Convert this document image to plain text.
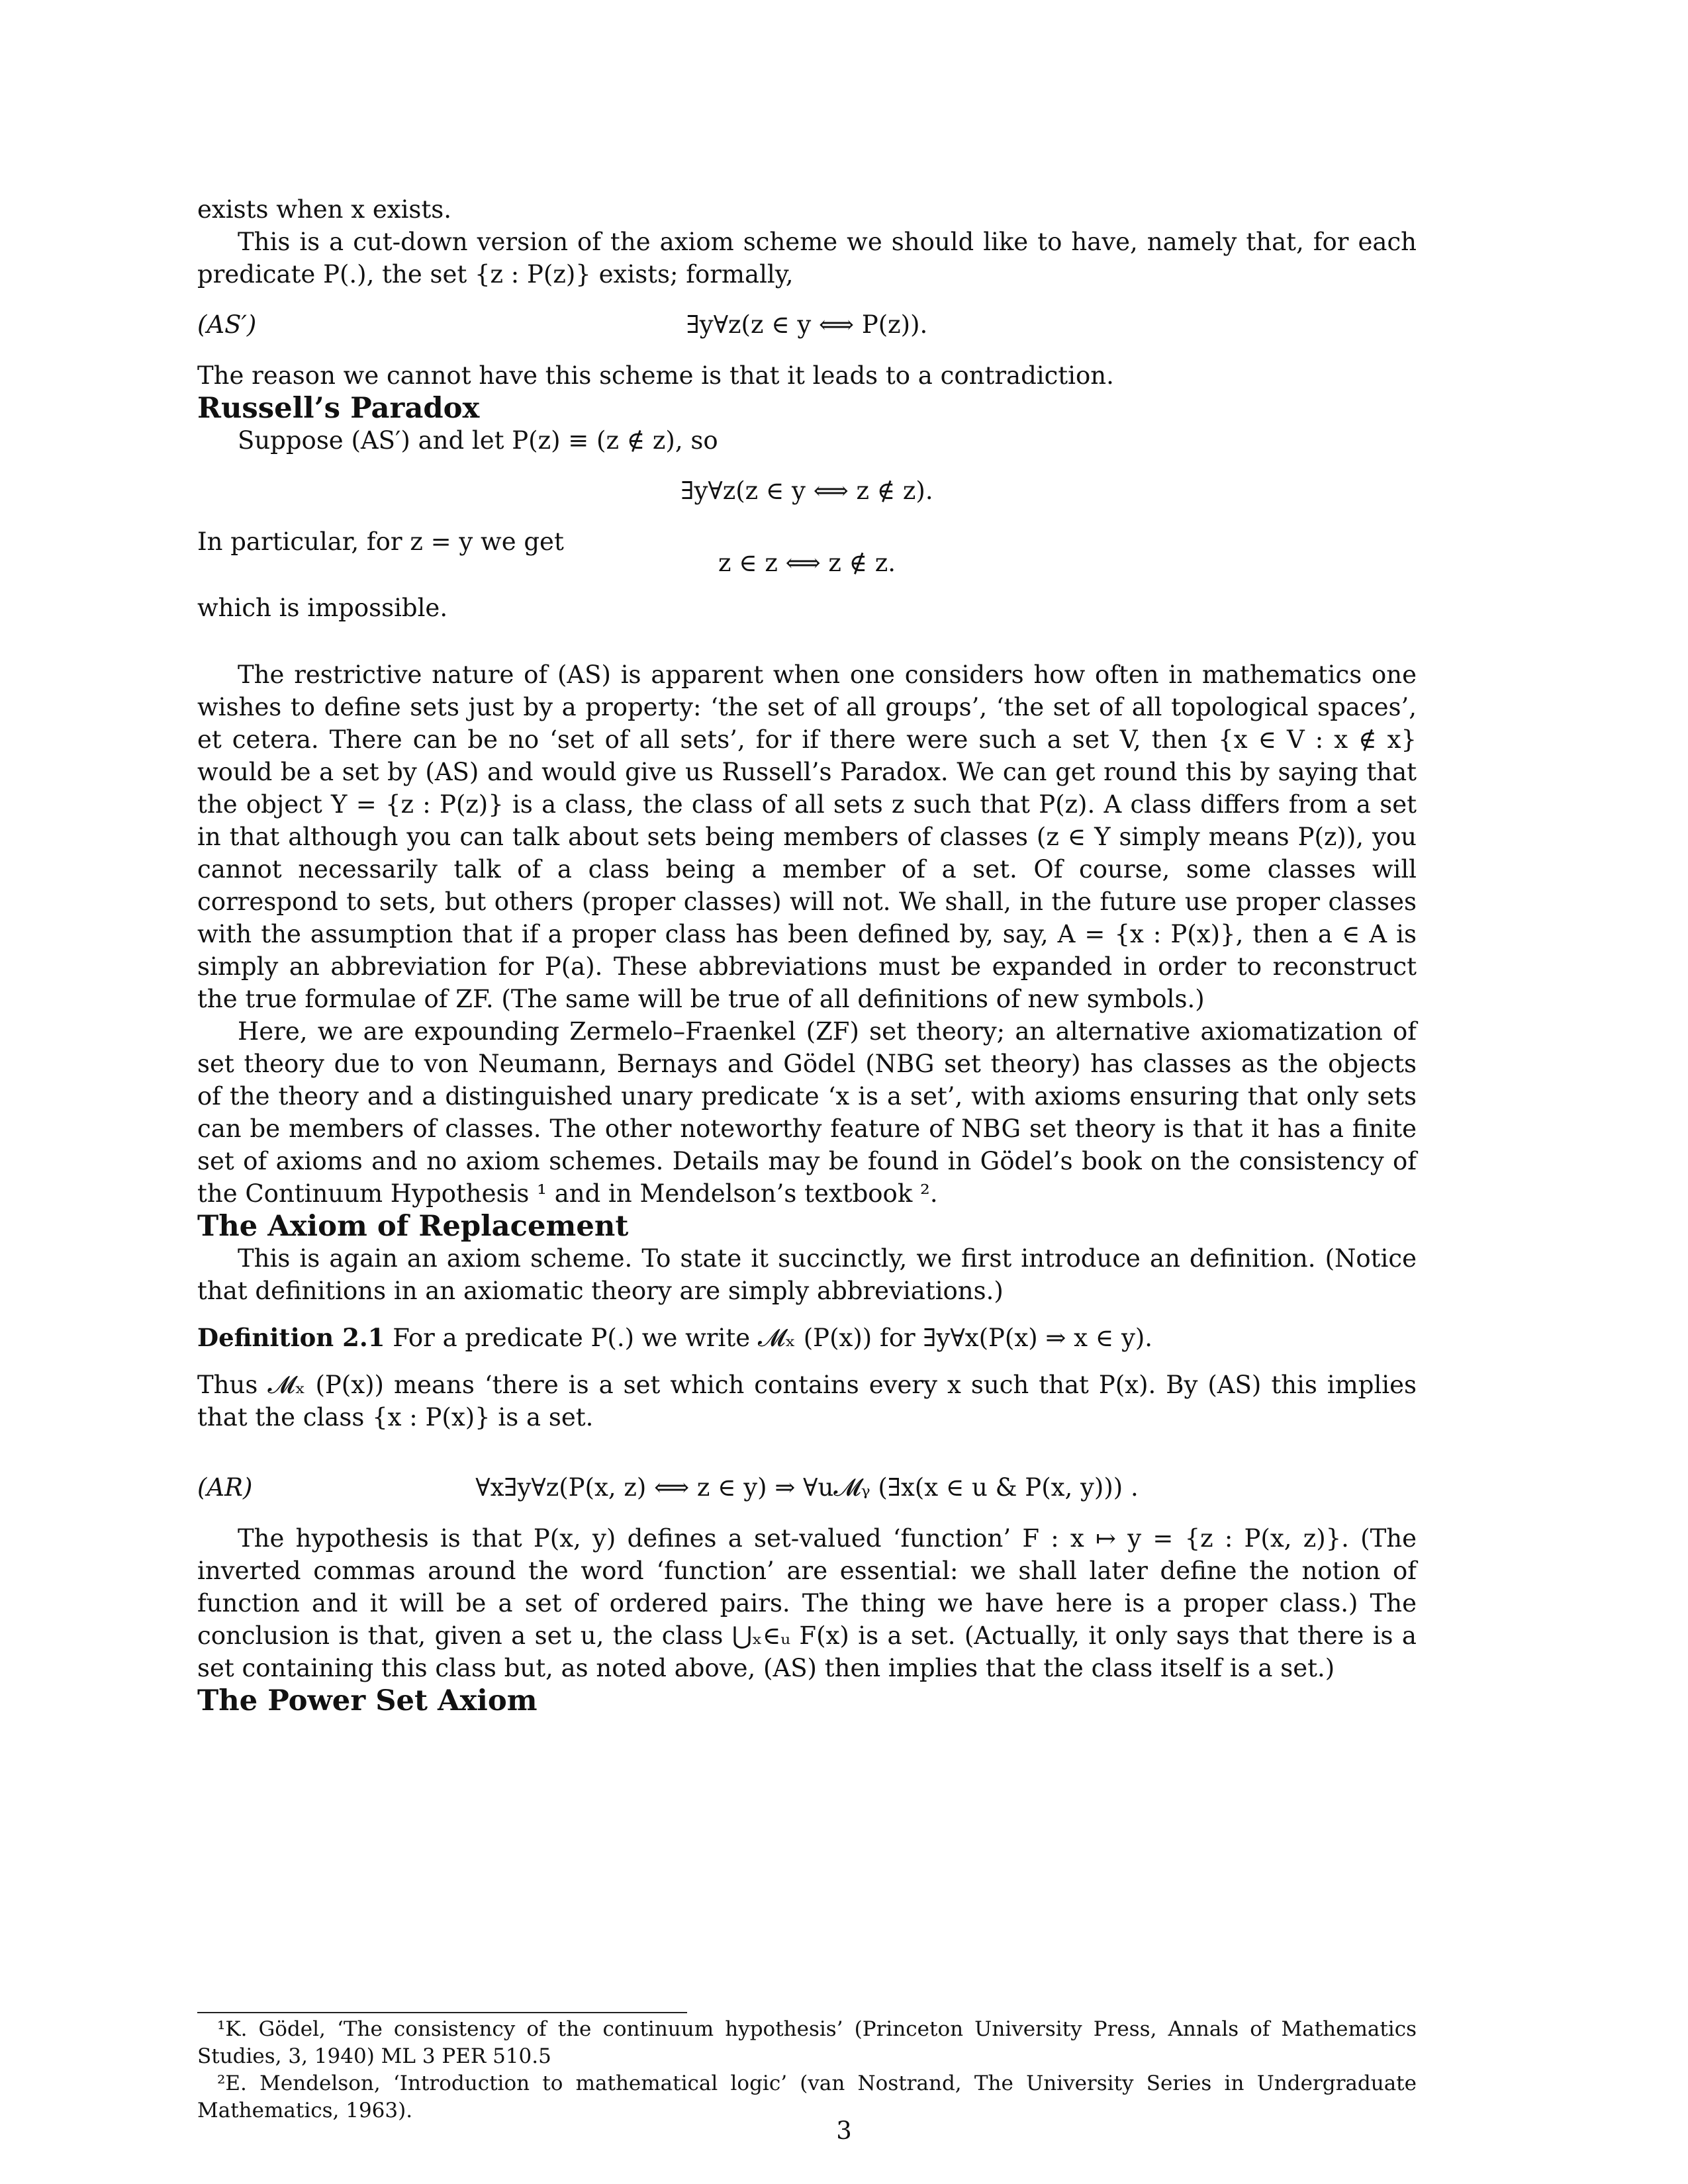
exists when x exists.

This is a cut-down version of the axiom scheme we should like to have, namely that, for each predicate P(.), the set {z : P(z)} exists; formally,

(AS′)	∃y∀z(z ∈ y ⟺ P(z)).

The reason we cannot have this scheme is that it leads to a contradiction.

Russell’s Paradox

Suppose (AS′) and let P(z) ≡ (z ∉ z), so

∃y∀z(z ∈ y ⟺ z ∉ z).
In particular, for z = y we get
z ∈ z ⟺ z ∉ z.

which is impossible.

The restrictive nature of (AS) is apparent when one considers how often in mathematics one wishes to define sets just by a property: ‘the set of all groups’, ‘the set of all topological spaces’, et cetera. There can be no ‘set of all sets’, for if there were such a set V, then {x ∈ V : x ∉ x} would be a set by (AS) and would give us Russell’s Paradox. We can get round this by saying that the object Y = {z : P(z)} is a class, the class of all sets z such that P(z). A class differs from a set in that although you can talk about sets being members of classes (z ∈ Y simply means P(z)), you cannot necessarily talk of a class being a member of a set. Of course, some classes will correspond to sets, but others (proper classes) will not. We shall, in the future use proper classes with the assumption that if a proper class has been defined by, say, A = {x : P(x)}, then a ∈ A is simply an abbreviation for P(a). These abbreviations must be expanded in order to reconstruct the true formulae of ZF. (The same will be true of all definitions of new symbols.)

Here, we are expounding Zermelo–Fraenkel (ZF) set theory; an alternative axiomatization of set theory due to von Neumann, Bernays and Gödel (NBG set theory) has classes as the objects of the theory and a distinguished unary predicate ‘x is a set’, with axioms ensuring that only sets can be members of classes. The other noteworthy feature of NBG set theory is that it has a finite set of axioms and no axiom schemes. Details may be found in Gödel’s book on the consistency of the Continuum Hypothesis ¹ and in Mendelson’s textbook ².

The Axiom of Replacement

This is again an axiom scheme. To state it succinctly, we first introduce an definition. (Notice that definitions in an axiomatic theory are simply abbreviations.)

Definition 2.1 For a predicate P(.) we write 𝓜ₓ (P(x)) for ∃y∀x(P(x) ⇒ x ∈ y).

Thus 𝓜ₓ (P(x)) means ‘there is a set which contains every x such that P(x). By (AS) this implies that the class {x : P(x)} is a set.

(AR)	∀x∃y∀z(P(x, z) ⟺ z ∈ y) ⇒ ∀u𝓜ᵧ (∃x(x ∈ u & P(x, y))) .

The hypothesis is that P(x, y) defines a set-valued ‘function’ F : x ↦ y = {z : P(x, z)}. (The inverted commas around the word ‘function’ are essential: we shall later define the notion of function and it will be a set of ordered pairs. The thing we have here is a proper class.) The conclusion is that, given a set u, the class ⋃ₓ∈ᵤ F(x) is a set. (Actually, it only says that there is a set containing this class but, as noted above, (AS) then implies that the class itself is a set.)

The Power Set Axiom
3

¹K. Gödel, ‘The consistency of the continuum hypothesis’ (Princeton University Press, Annals of Mathematics Studies, 3, 1940) ML 3 PER 510.5

²E. Mendelson, ‘Introduction to mathematical logic’ (van Nostrand, The University Series in Undergraduate Mathematics, 1963).
